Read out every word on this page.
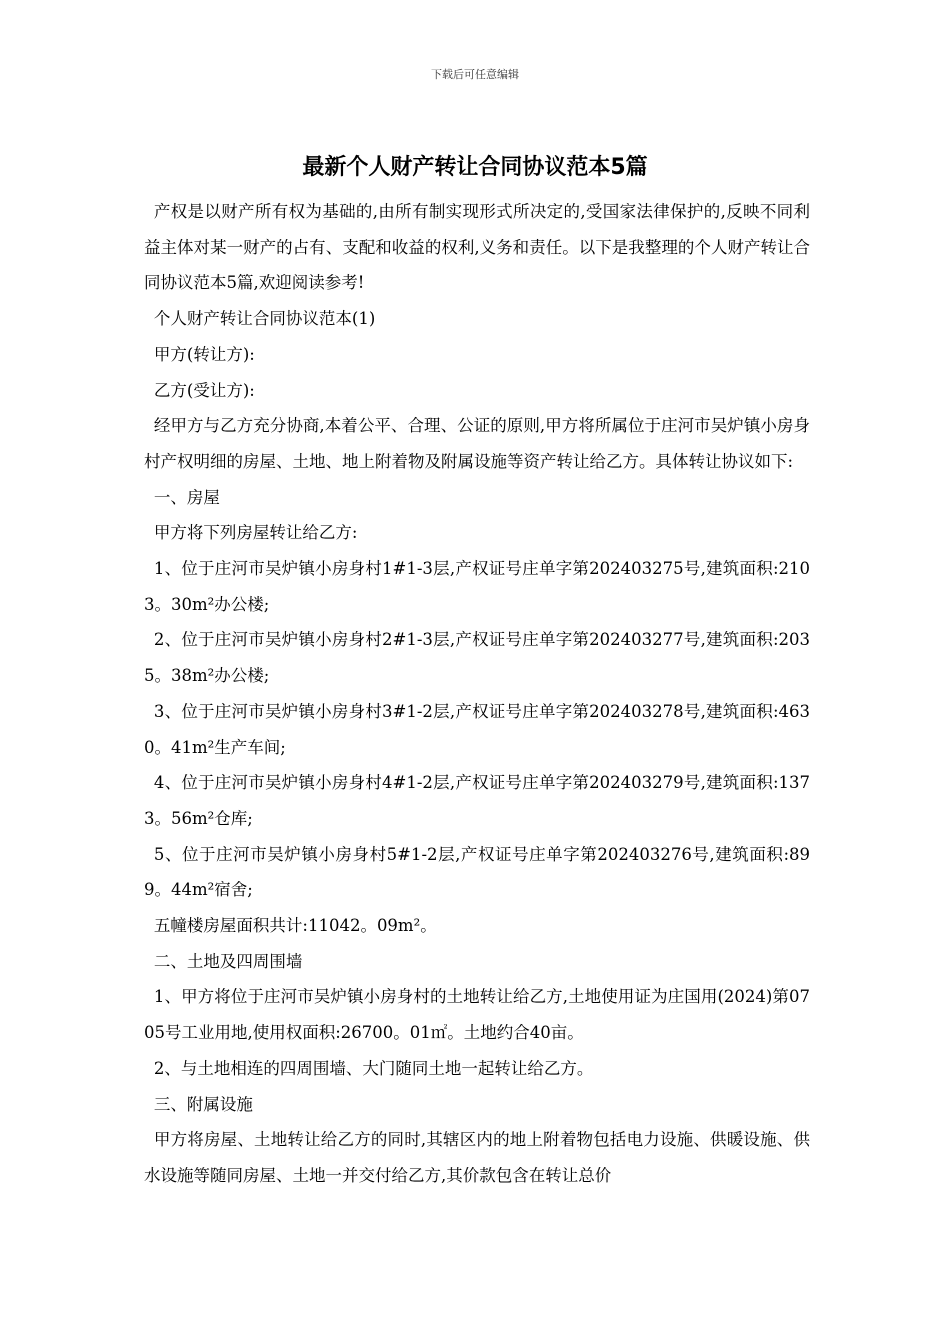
下载后可任意编辑
最新个人财产转让合同协议范本5篇

产权是以财产所有权为基础的,由所有制实现形式所决定的,受国家法律保护的,反映不同利益主体对某一财产的占有、支配和收益的权利,义务和责任。以下是我整理的个人财产转让合同协议范本5篇,欢迎阅读参考!

个人财产转让合同协议范本(1)

甲方(转让方):

乙方(受让方):

经甲方与乙方充分协商,本着公平、合理、公证的原则,甲方将所属位于庄河市吴炉镇小房身村产权明细的房屋、土地、地上附着物及附属设施等资产转让给乙方。具体转让协议如下:

一、房屋

甲方将下列房屋转让给乙方:

1、位于庄河市吴炉镇小房身村1#1-3层,产权证号庄单字第202403275号,建筑面积:2103。30m²办公楼;

2、位于庄河市吴炉镇小房身村2#1-3层,产权证号庄单字第202403277号,建筑面积:2035。38m²办公楼;

3、位于庄河市吴炉镇小房身村3#1-2层,产权证号庄单字第202403278号,建筑面积:4630。41m²生产车间;

4、位于庄河市吴炉镇小房身村4#1-2层,产权证号庄单字第202403279号,建筑面积:1373。56m²仓库;

5、位于庄河市吴炉镇小房身村5#1-2层,产权证号庄单字第202403276号,建筑面积:899。44m²宿舍;

五幢楼房屋面积共计:11042。09m²。

二、土地及四周围墙

1、甲方将位于庄河市吴炉镇小房身村的土地转让给乙方,土地使用证为庄国用(2024)第0705号工业用地,使用权面积:26700。01㎡。土地约合40亩。

2、与土地相连的四周围墙、大门随同土地一起转让给乙方。

三、附属设施

甲方将房屋、土地转让给乙方的同时,其辖区内的地上附着物包括电力设施、供暖设施、供水设施等随同房屋、土地一并交付给乙方,其价款包含在转让总价
